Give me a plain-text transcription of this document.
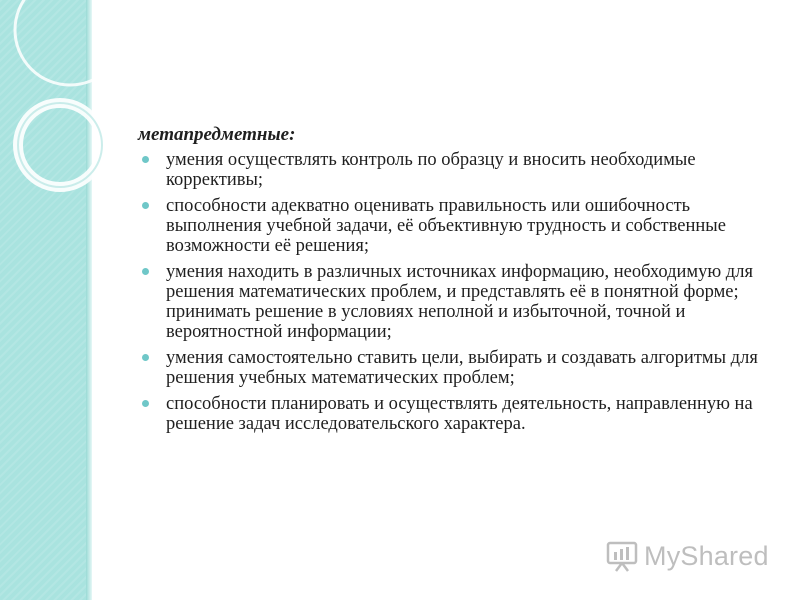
метапредметные:

умения осуществлять контроль по образцу и вносить необходимые коррективы;
способности адекватно оценивать правильность или ошибочность выполнения учебной задачи, её объективную трудность и собственные возможности её решения;
умения находить в различных источниках информацию, необходимую для решения математических проблем, и представлять её в понятной форме; принимать решение в условиях неполной и избыточной, точной и вероятностной информации;
умения самостоятельно ставить цели, выбирать и создавать алгоритмы для решения учебных математических проблем;
способности планировать и осуществлять деятельность, направленную на решение задач исследовательского характера.
MyShared
